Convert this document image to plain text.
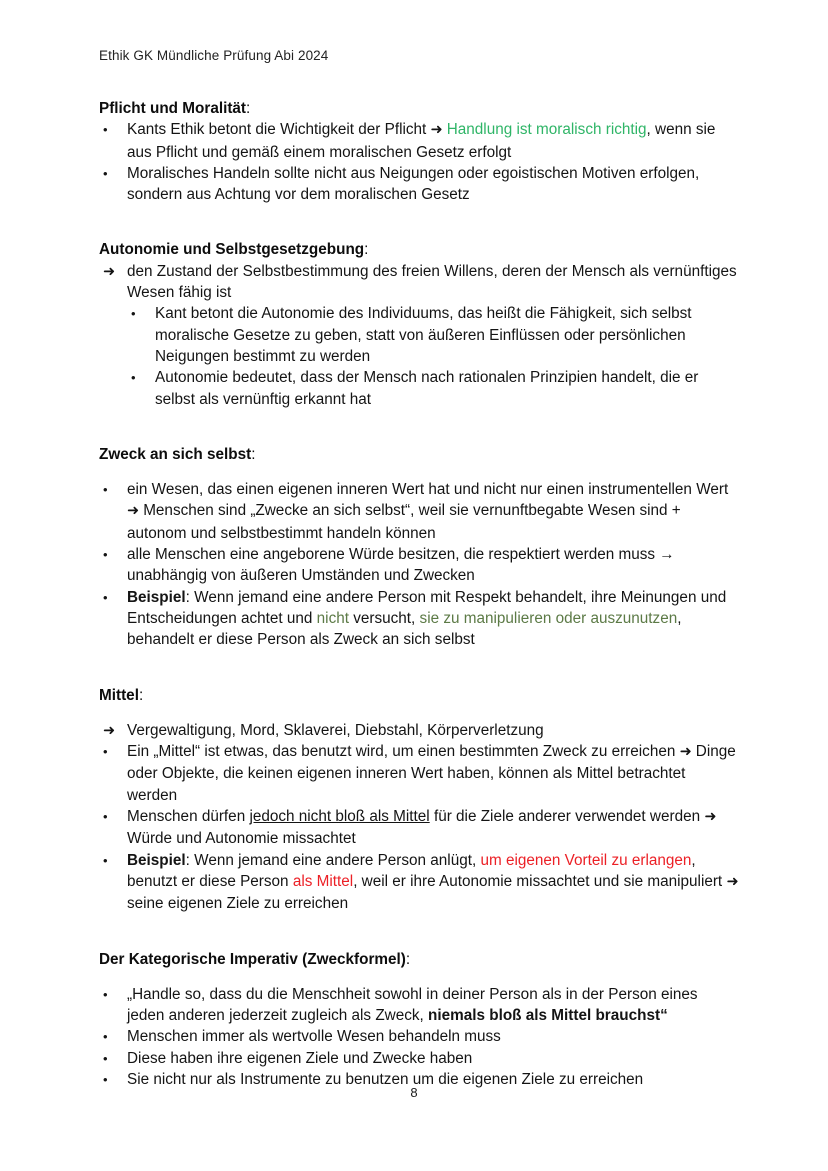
Ethik GK Mündliche Prüfung Abi 2024
Pflicht und Moralität:
•
Kants Ethik betont die Wichtigkeit der Pflicht ➜ Handlung ist moralisch richtig, wenn sie aus Pflicht und gemäß einem moralischen Gesetz erfolgt
•
Moralisches Handeln sollte nicht aus Neigungen oder egoistischen Motiven erfolgen, sondern aus Achtung vor dem moralischen Gesetz
Autonomie und Selbstgesetzgebung:
➜
den Zustand der Selbstbestimmung des freien Willens, deren der Mensch als vernünftiges Wesen fähig ist
•
Kant betont die Autonomie des Individuums, das heißt die Fähigkeit, sich selbst moralische Gesetze zu geben, statt von äußeren Einflüssen oder persönlichen Neigungen bestimmt zu werden
•
Autonomie bedeutet, dass der Mensch nach rationalen Prinzipien handelt, die er selbst als vernünftig erkannt hat
Zweck an sich selbst:
•
ein Wesen, das einen eigenen inneren Wert hat und nicht nur einen instrumentellen Wert ➜ Menschen sind „Zwecke an sich selbst“, weil sie vernunftbegabte Wesen sind + autonom und selbstbestimmt handeln können
•
alle Menschen eine angeborene Würde besitzen, die respektiert werden muss → unabhängig von äußeren Umständen und Zwecken
•
Beispiel: Wenn jemand eine andere Person mit Respekt behandelt, ihre Meinungen und Entscheidungen achtet und nicht versucht, sie zu manipulieren oder auszunutzen, behandelt er diese Person als Zweck an sich selbst
Mittel:
➜
Vergewaltigung, Mord, Sklaverei, Diebstahl, Körperverletzung
•
Ein „Mittel“ ist etwas, das benutzt wird, um einen bestimmten Zweck zu erreichen ➜ Dinge oder Objekte, die keinen eigenen inneren Wert haben, können als Mittel betrachtet werden
•
Menschen dürfen jedoch nicht bloß als Mittel für die Ziele anderer verwendet werden ➜ Würde und Autonomie missachtet
•
Beispiel: Wenn jemand eine andere Person anlügt, um eigenen Vorteil zu erlangen, benutzt er diese Person als Mittel, weil er ihre Autonomie missachtet und sie manipuliert ➜ seine eigenen Ziele zu erreichen
Der Kategorische Imperativ (Zweckformel):
•
„Handle so, dass du die Menschheit sowohl in deiner Person als in der Person eines jeden anderen jederzeit zugleich als Zweck, niemals bloß als Mittel brauchst“
•
Menschen immer als wertvolle Wesen behandeln muss
•
Diese haben ihre eigenen Ziele und Zwecke haben
•
Sie nicht nur als Instrumente zu benutzen um die eigenen Ziele zu erreichen
8
